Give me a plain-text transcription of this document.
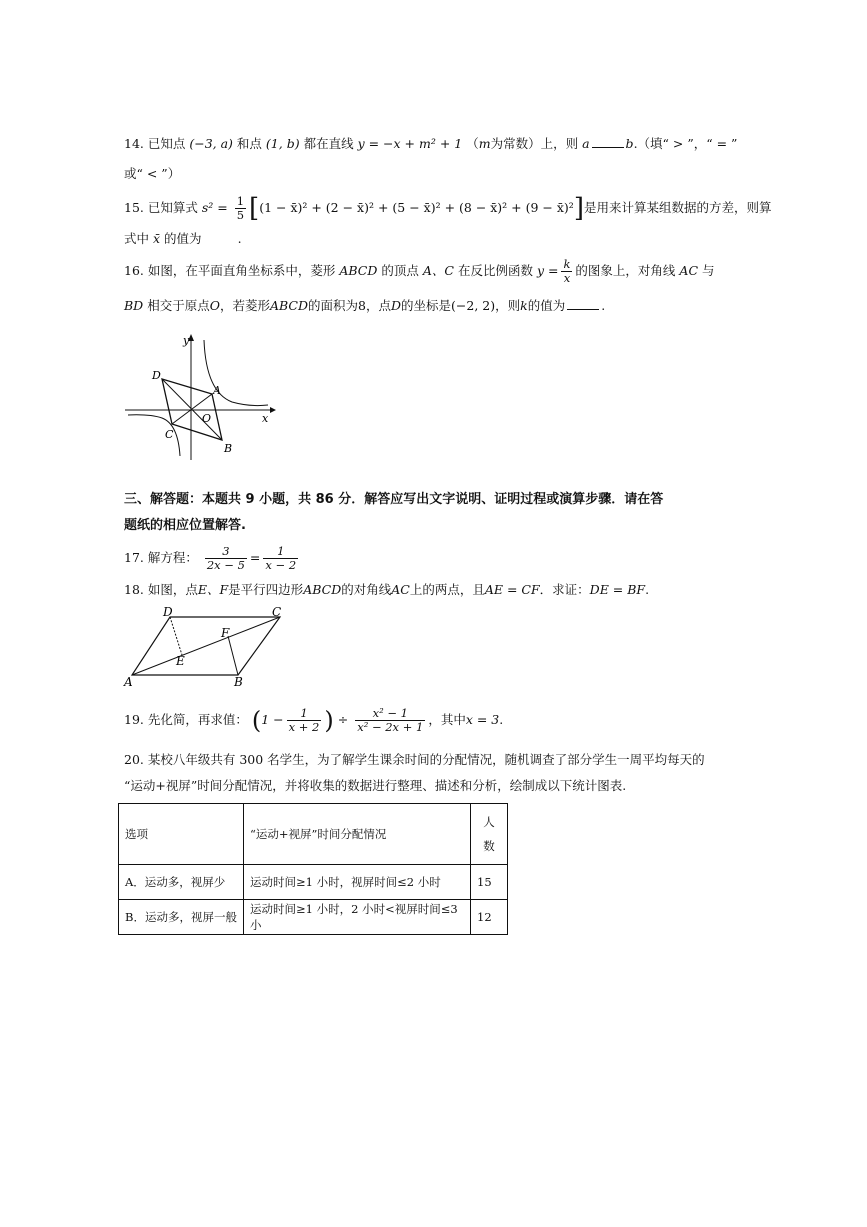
14. 已知点 (−3, a) 和点 (1, b) 都在直线 y = −x + m² + 1 （m为常数）上，则 a	b.（填“ > ”，“ = ”
或“ < ”）
15. 已知算式 $s^2 = \frac{1}{5} [(1$ − x̄)² + (2 − x̄)² + (5 − x̄)² + (8 − x̄)² + (9 − x̄)²]是用来计算某组数据的方差，则算
式中 x̄ 的值为	.
16. 如图，在平面直角坐标系中，菱形 ABCD 的顶点 A、C 在反比例函数 $y = \frac{k}{x}$ 的图象上，对角线 AC 与
BD 相交于原点O，若菱形ABCD的面积为8，点D的坐标是(−2, 2)，则k的值为	.
y
x
D
A
O
C
B
三、解答题：本题共 9 小题，共 86 分．解答应写出文字说明、证明过程或演算步骤．请在答
题纸的相应位置解答.
17. 解方程： $\frac{3}{2x - 5} = \frac{1}{x - 2}$
18. 如图，点E、F是平行四边形ABCD的对角线AC上的两点，且AE = CF．求证：DE = BF.
D	C
F
E
A	B
19. 先化简，再求值： ($1 - \frac{1}{x + 2}$ ) ÷ $\frac{\text{x² − 1}}{\text{x² − 2x + 1}}$ ，其中x = 3.
20. 某校八年级共有 300 名学生，为了解学生课余时间的分配情况，随机调查了部分学生一周平均每天的
“运动+视屏”时间分配情况，并将收集的数据进行整理、描述和分析，绘制成以下统计图表.
选项	“运动+视屏”时间分配情况	人
数
A．运动多，视屏少	运动时间≥1 小时，视屏时间≤2 小时	15
B．运动多，视屏一般	运动时间≥1 小时，2 小时<视屏时间≤3 小	12
